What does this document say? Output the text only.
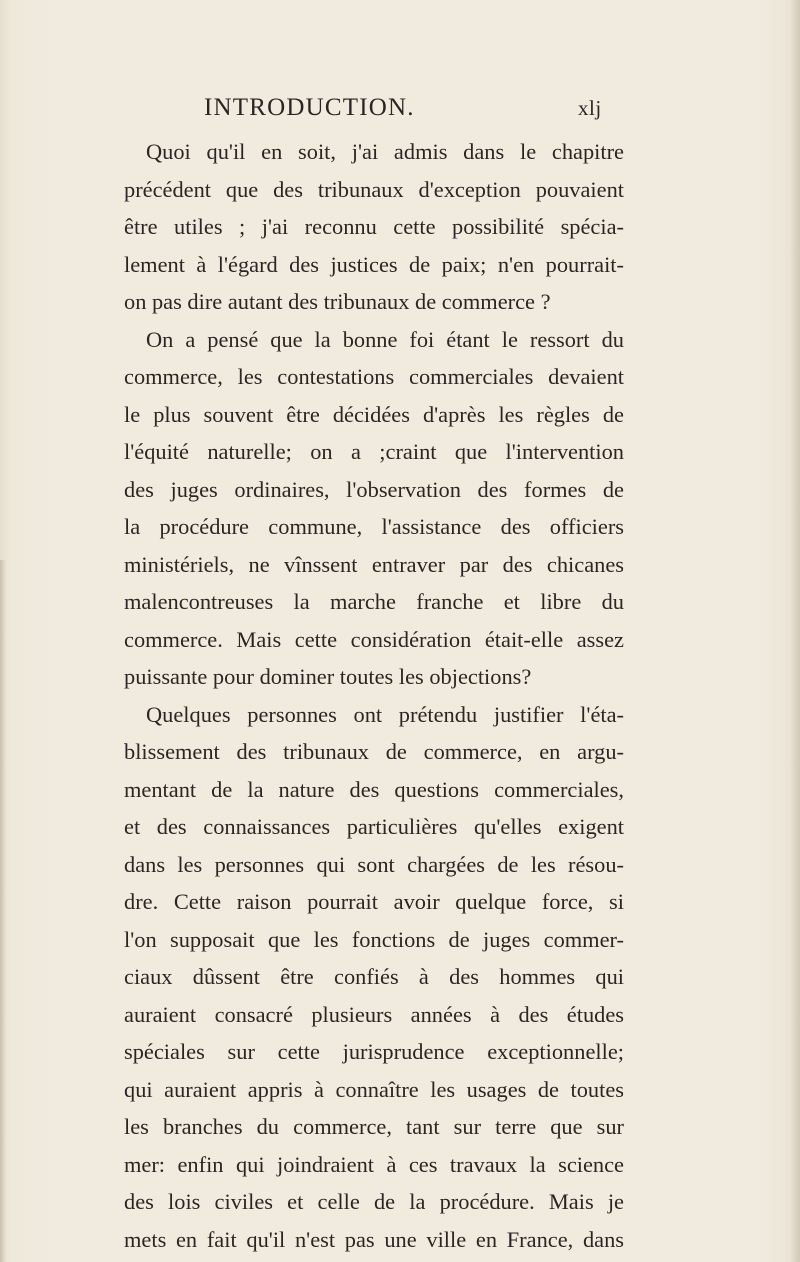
INTRODUCTION.	xlj
Quoi qu'il en soit, j'ai admis dans le chapitre
précédent que des tribunaux d'exception pouvaient
être utiles ; j'ai reconnu cette possibilité spécia-
lement à l'égard des justices de paix; n'en pourrait-
on pas dire autant des tribunaux de commerce ?
On a pensé que la bonne foi étant le ressort du
commerce, les contestations commerciales devaient
le plus souvent être décidées d'après les règles de
l'équité naturelle; on a ;craint que l'intervention
des juges ordinaires, l'observation des formes de
la procédure commune, l'assistance des officiers
ministériels, ne vînssent entraver par des chicanes
malencontreuses la marche franche et libre du
commerce. Mais cette considération était-elle assez
puissante pour dominer toutes les objections?
Quelques personnes ont prétendu justifier l'éta-
blissement des tribunaux de commerce, en argu-
mentant de la nature des questions commerciales,
et des connaissances particulières qu'elles exigent
dans les personnes qui sont chargées de les résou-
dre. Cette raison pourrait avoir quelque force, si
l'on supposait que les fonctions de juges commer-
ciaux dûssent être confiés à des hommes qui
auraient consacré plusieurs années à des études
spéciales sur cette jurisprudence exceptionnelle;
qui auraient appris à connaître les usages de toutes
les branches du commerce, tant sur terre que sur
mer: enfin qui joindraient à ces travaux la science
des lois civiles et celle de la procédure. Mais je
mets en fait qu'il n'est pas une ville en France, dans
